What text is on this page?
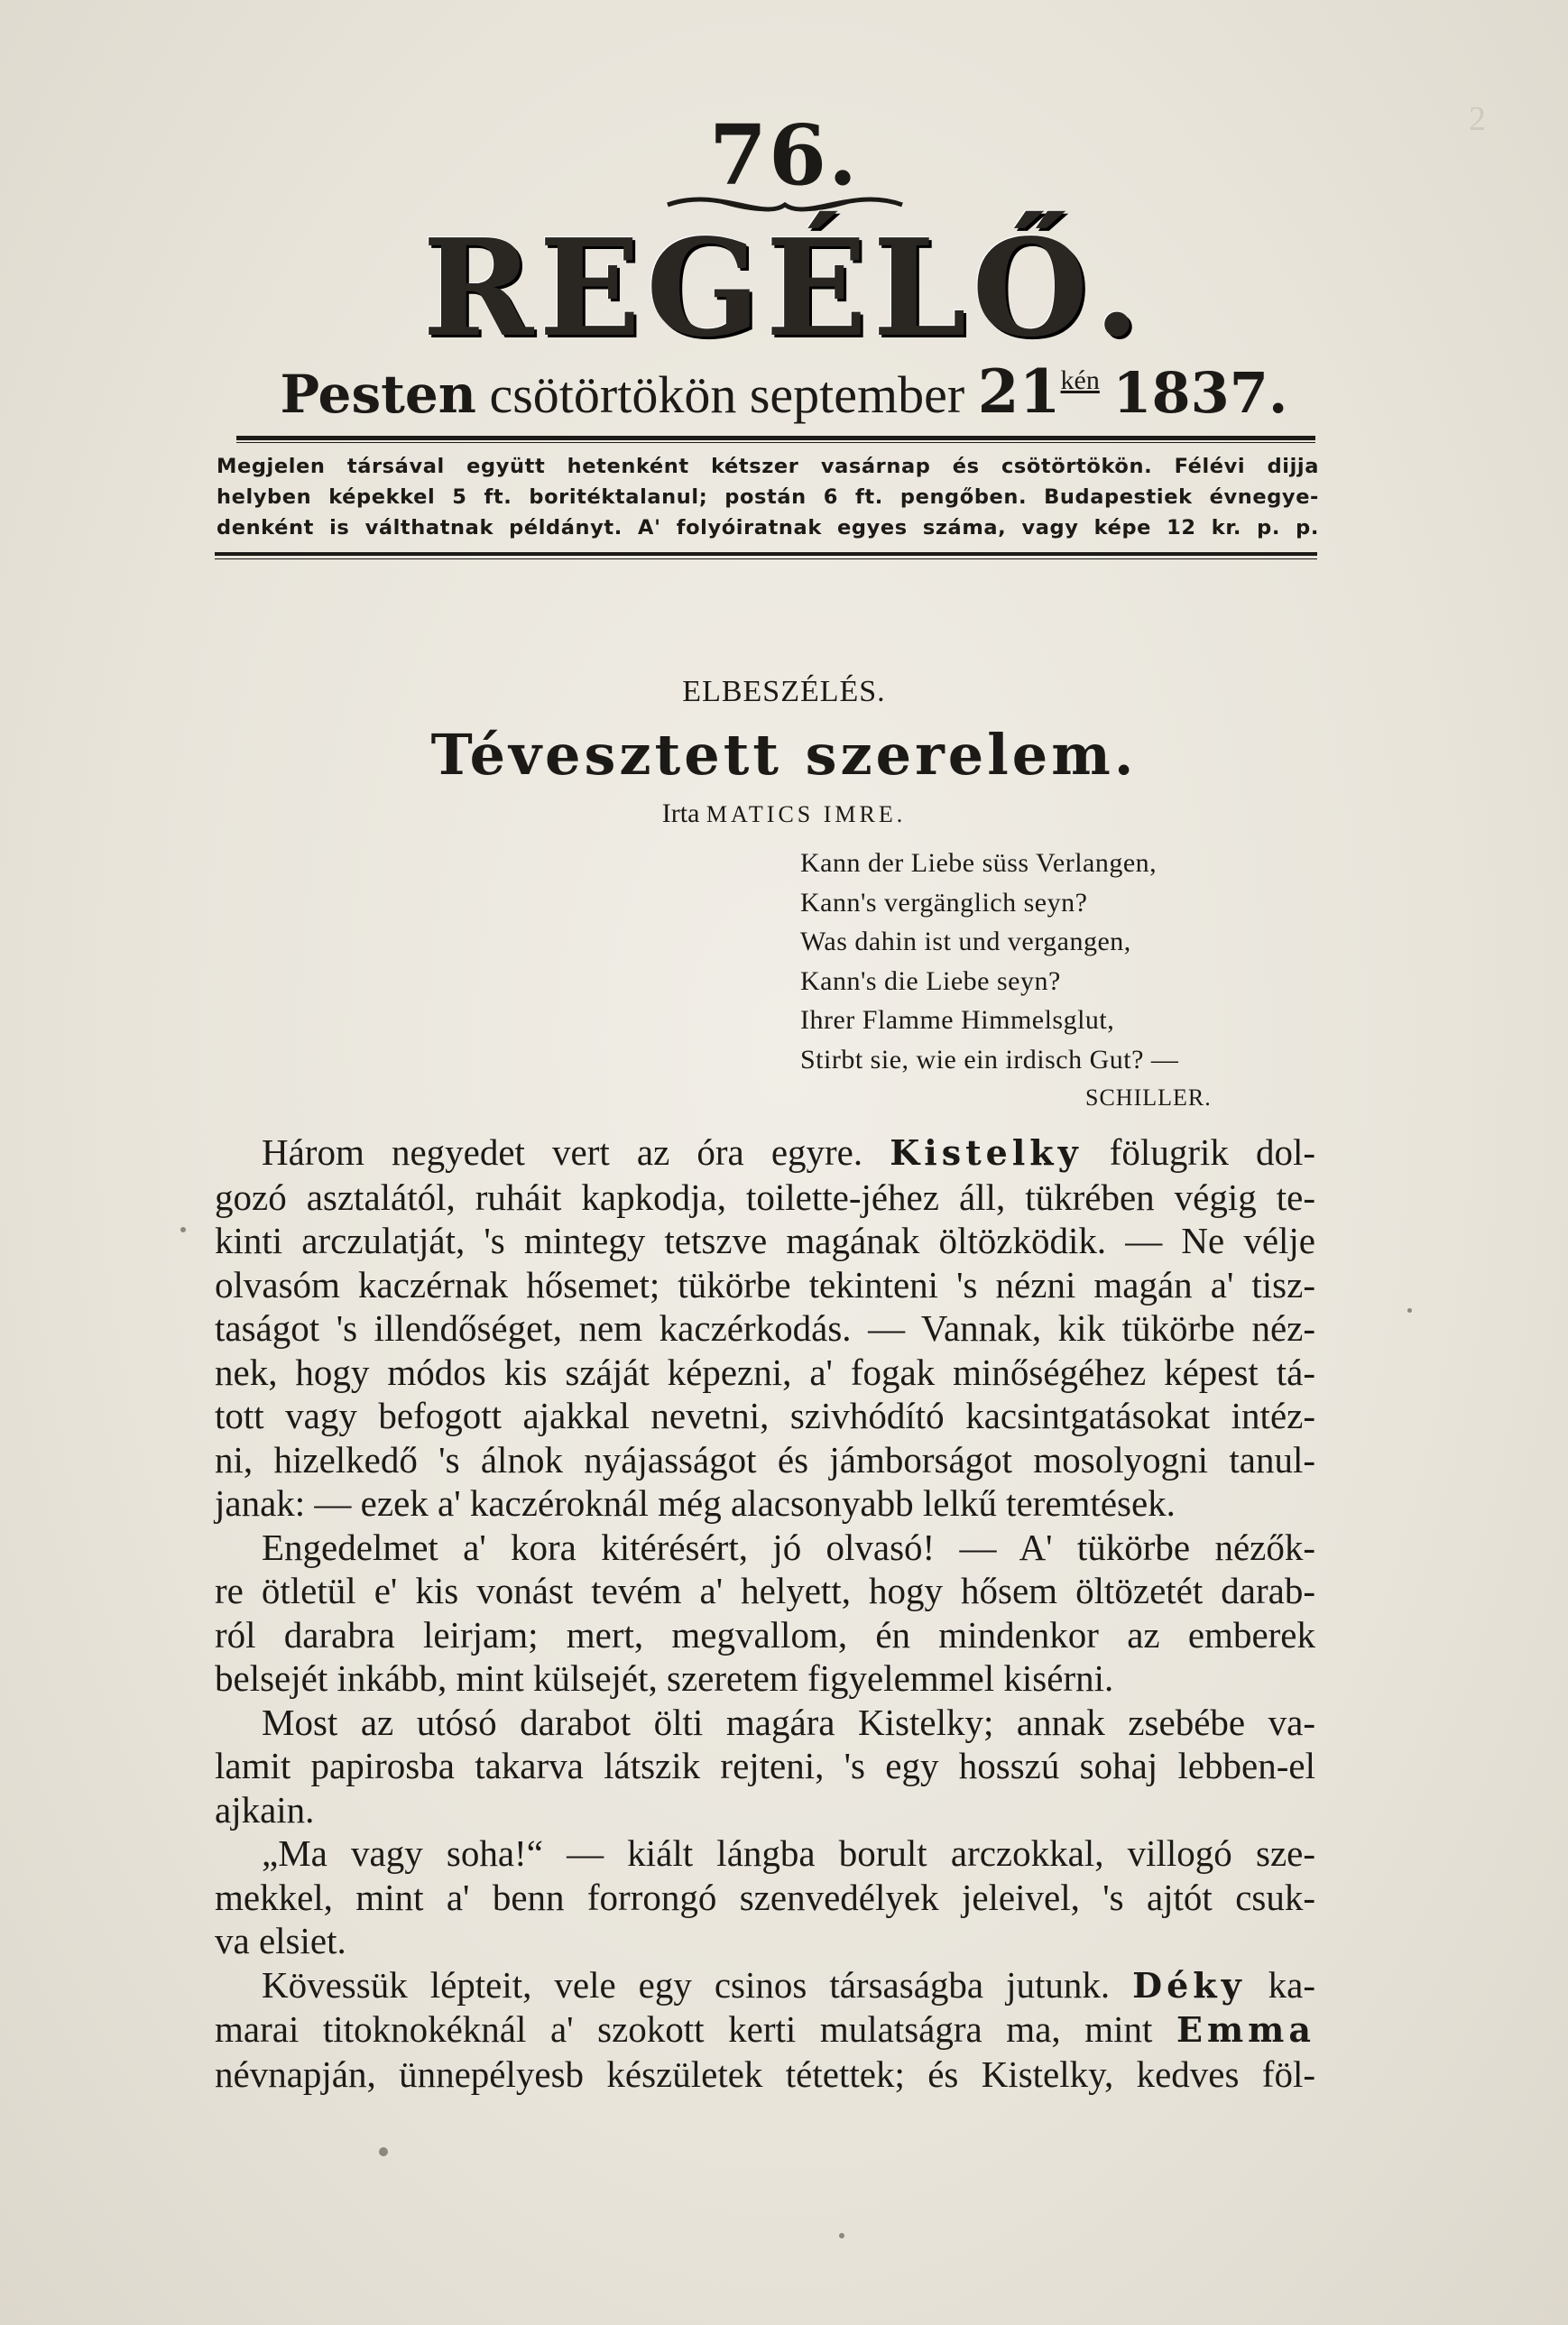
2
76.
REGÉLŐ.
Pesten csötörtökön september $21^{kén}$ 1837.
Megjelen társával együtt hetenként kétszer vasárnap és csötörtökön. Félévi dijja
helyben képekkel 5 ft. boritéktalanul; postán 6 ft. pengőben. Budapestiek évnegye-
denként is válthatnak példányt. A' folyóiratnak egyes száma, vagy képe 12 kr. p. p.
ELBESZÉLÉS.
Tévesztett szerelem.
Irta MATICS IMRE.
Kann der Liebe süss Verlangen,
Kann's vergänglich seyn?
Was dahin ist und vergangen,
Kann's die Liebe seyn?
Ihrer Flamme Himmelsglut,
Stirbt sie, wie ein irdisch Gut? —
SCHILLER.
Három negyedet vert az óra egyre. Kistelky fölugrik dol-
gozó asztalától, ruháit kapkodja, toilette-jéhez áll, tükrében végig te-
kinti arczulatját, 's mintegy tetszve magának öltözködik. — Ne vélje
olvasóm kaczérnak hősemet; tükörbe tekinteni 's nézni magán a' tisz-
taságot 's illendőséget, nem kaczérkodás. — Vannak, kik tükörbe néz-
nek, hogy módos kis száját képezni, a' fogak minőségéhez képest tá-
tott vagy befogott ajakkal nevetni, szivhódító kacsintgatásokat intéz-
ni, hizelkedő 's álnok nyájasságot és jámborságot mosolyogni tanul-
janak: — ezek a' kaczéroknál még alacsonyabb lelkű teremtések.
Engedelmet a' kora kitérésért, jó olvasó! — A' tükörbe nézők-
re ötletül e' kis vonást tevém a' helyett, hogy hősem öltözetét darab-
ról darabra leirjam; mert, megvallom, én mindenkor az emberek
belsejét inkább, mint külsejét, szeretem figyelemmel kisérni.
Most az utósó darabot ölti magára Kistelky; annak zsebébe va-
lamit papirosba takarva látszik rejteni, 's egy hosszú sohaj lebben-el
ajkain.
„Ma vagy soha!“ — kiált lángba borult arczokkal, villogó sze-
mekkel, mint a' benn forrongó szenvedélyek jeleivel, 's ajtót csuk-
va elsiet.
Kövessük lépteit, vele egy csinos társaságba jutunk. Déky ka-
marai titoknokéknál a' szokott kerti mulatságra ma, mint Emma
névnapján, ünnepélyesb készületek tétettek; és Kistelky, kedves föl-
